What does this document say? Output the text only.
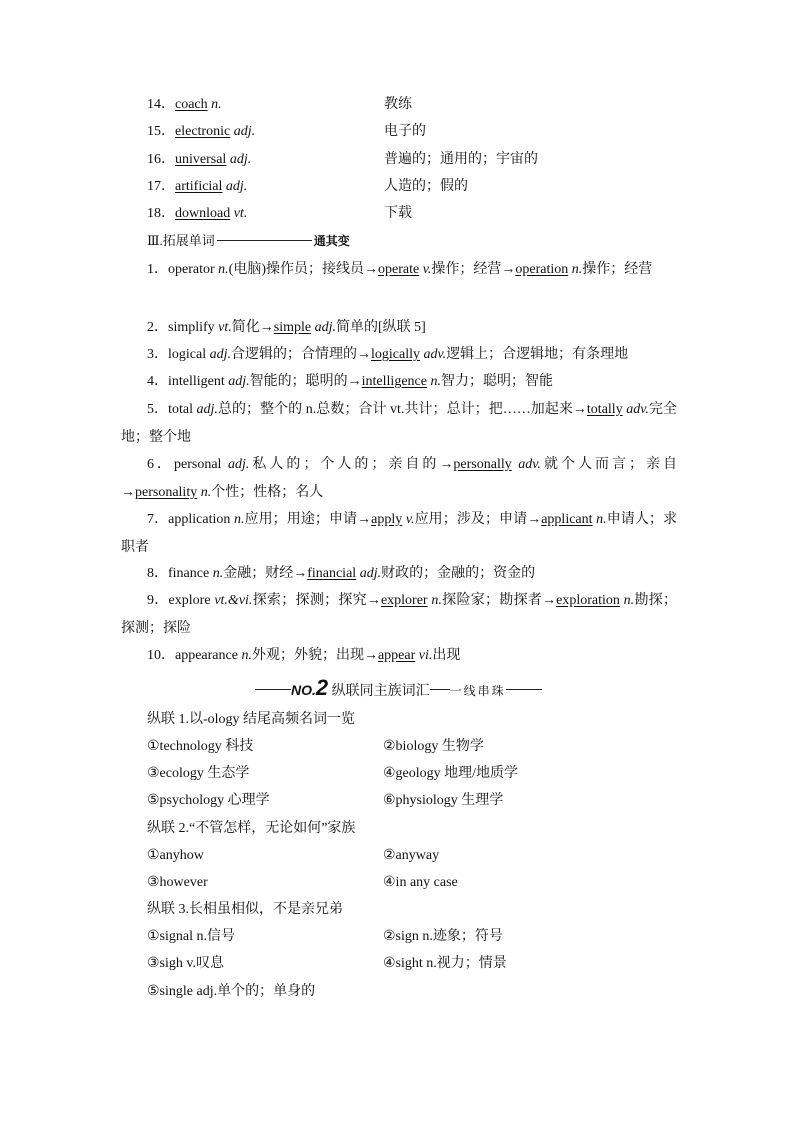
14．coach n.	教练
15．electronic adj.	电子的
16．universal adj.	普遍的；通用的；宇宙的
17．artificial adj.	人造的；假的
18．download vt.	下载
Ⅲ.拓展单词	通其变
1．operator n.(电脑)操作员；接线员→operate v.操作；经营→operation n.操作；经营
2．simplify vt.简化→simple adj.简单的[纵联 5]
3．logical adj.合逻辑的；合情理的→logically adv.逻辑上；合逻辑地；有条理地
4．intelligent adj.智能的；聪明的→intelligence n.智力；聪明；智能
5．total adj.总的；整个的 n.总数；合计 vt.共计；总计；把……加起来→totally adv.完全地；整个地
6．personal adj.私人的；个人的；亲自的→personally adv.就个人而言；亲自→personality n.个性；性格；名人
7．application n.应用；用途；申请→apply v.应用；涉及；申请→applicant n.申请人；求职者
8．finance n.金融；财经→financial adj.财政的；金融的；资金的
9．explore vt.&vi.探索；探测；探究→explorer n.探险家；勘探者→exploration n.勘探；探测；探险
10．appearance n.外观；外貌；出现→appear vi.出现
NO.2 纵联同主族词汇 一线串珠
纵联 1.以-ology 结尾高频名词一览
①technology 科技	②biology 生物学
③ecology 生态学	④geology 地理/地质学
⑤psychology 心理学	⑥physiology 生理学
纵联 2.“不管怎样，无论如何”家族
①anyhow	②anyway
③however	④in any case
纵联 3.长相虽相似，不是亲兄弟
①signal n.信号	②sign n.迹象；符号
③sigh v.叹息	④sight n.视力；情景
⑤single adj.单个的；单身的
